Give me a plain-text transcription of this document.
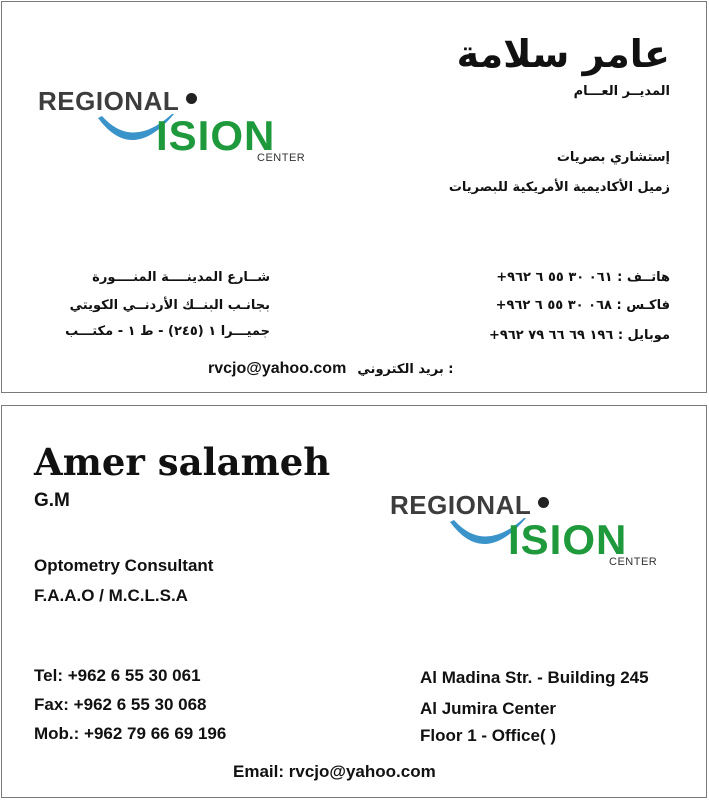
عامر سلامة
المديــر العـــام
REGIONAL
ISION
CENTER	إستشاري بصريات
زميل الأكاديمية الأمريكية للبصريات
شــارع المدينــــة المنــــورة
بجانـب البنــك الأردنــي الكويتي
جميـــرا ١ (٢٤٥) - ط ١ - مكتـــب
هاتــف : ٠٦١ ٣٠ ٥٥ ٦ ٩٦٢+
فاكـس : ٠٦٨ ٣٠ ٥٥ ٦ ٩٦٢+
موبايل : ١٩٦ ٦٩ ٦٦ ٧٩ ٩٦٢+
rvcjo@yahoo.com بريد الكتروني :
Amer salameh
G.M	REGIONAL
ISION
CENTER
Optometry Consultant
F.A.A.O / M.C.L.S.A
Tel: +962 6 55 30 061
Fax: +962 6 55 30 068
Mob.: +962 79 66 69 196
Al Madina Str. - Building 245
Al Jumira Center
Floor 1 - Office( )
Email: rvcjo@yahoo.com
